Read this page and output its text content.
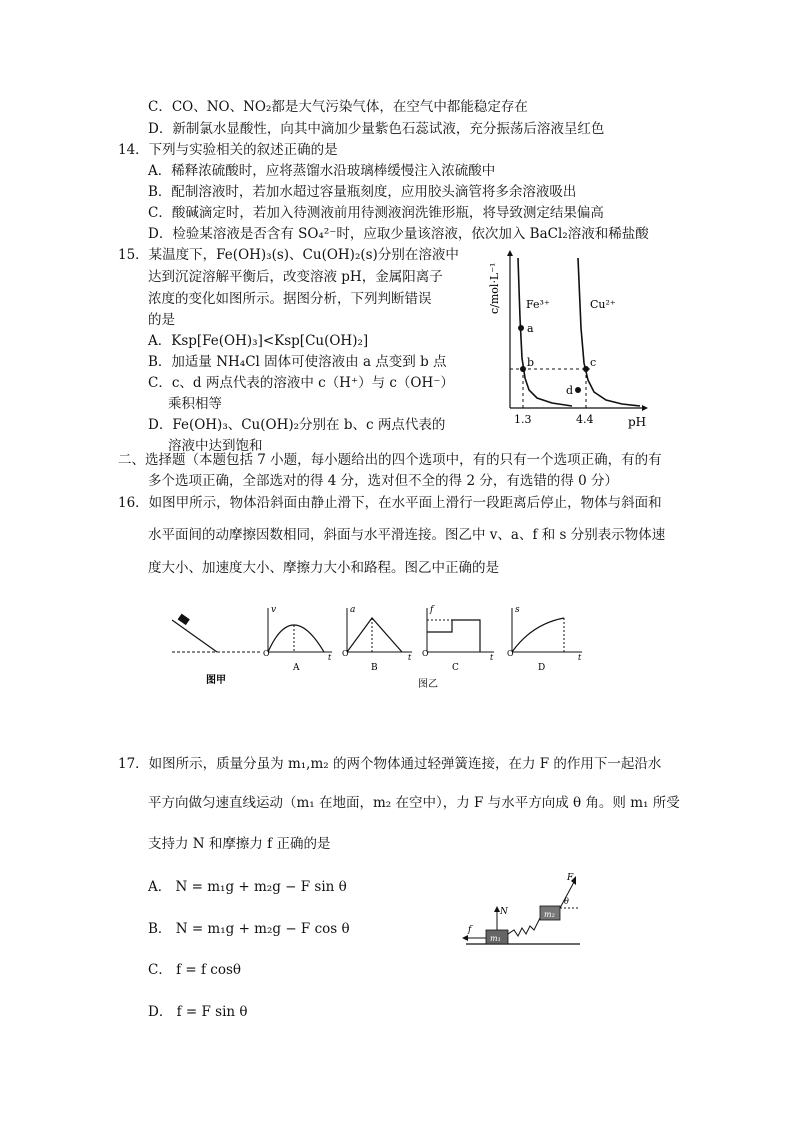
C．CO、NO、NO₂都是大气污染气体，在空气中都能稳定存在
D．新制氯水显酸性，向其中滴加少量紫色石蕊试液，充分振荡后溶液呈红色
14．下列与实验相关的叙述正确的是
A．稀释浓硫酸时，应将蒸馏水沿玻璃棒缓慢注入浓硫酸中
B．配制溶液时，若加水超过容量瓶刻度，应用胶头滴管将多余溶液吸出
C．酸碱滴定时，若加入待测液前用待测液润洗锥形瓶，将导致测定结果偏高
D．检验某溶液是否含有 SO₄²⁻时，应取少量该溶液，依次加入 BaCl₂溶液和稀盐酸
15．某温度下，Fe(OH)₃(s)、Cu(OH)₂(s)分别在溶液中
达到沉淀溶解平衡后，改变溶液 pH，金属阳离子
浓度的变化如图所示。据图分析，下列判断错误
的是
A．Ksp[Fe(OH)₃]<Ksp[Cu(OH)₂]
B．加适量 NH₄Cl 固体可使溶液由 a 点变到 b 点
C．c、d 两点代表的溶液中 c（H⁺）与 c（OH⁻）
乘积相等
D．Fe(OH)₃、Cu(OH)₂分别在 b、c 两点代表的
溶液中达到饱和
c/mol·L⁻¹
pH
Fe³⁺	Cu²⁺
a
b	c
d
1.3	4.4
二、选择题（本题包括 7 小题，每小题给出的四个选项中，有的只有一个选项正确，有的有
多个选项正确，全部选对的得 4 分，选对但不全的得 2 分，有选错的得 0 分）
16．如图甲所示，物体沿斜面由静止滑下，在水平面上滑行一段距离后停止，物体与斜面和
水平面间的动摩擦因数相同，斜面与水平滑连接。图乙中 v、a、f 和 s 分别表示物体速
度大小、加速度大小、摩擦力大小和路程。图乙中正确的是
图甲
v
O	t
A
a
O	t
B
f
O	t
C
s
O	t
D
图乙
17．如图所示，质量分虽为 m₁,m₂ 的两个物体通过轻弹簧连接，在力 F 的作用下一起沿水
平方向做匀速直线运动（m₁ 在地面，m₂ 在空中），力 F 与水平方向成 θ 角。则 m₁ 所受
支持力 N 和摩擦力 f 正确的是
A． N = m₁g + m₂g − F sin θ
B． N = m₁g + m₂g − F cos θ
C． f = f cosθ
D． f = F sin θ
m₁
N
f
m₂
F
θ
